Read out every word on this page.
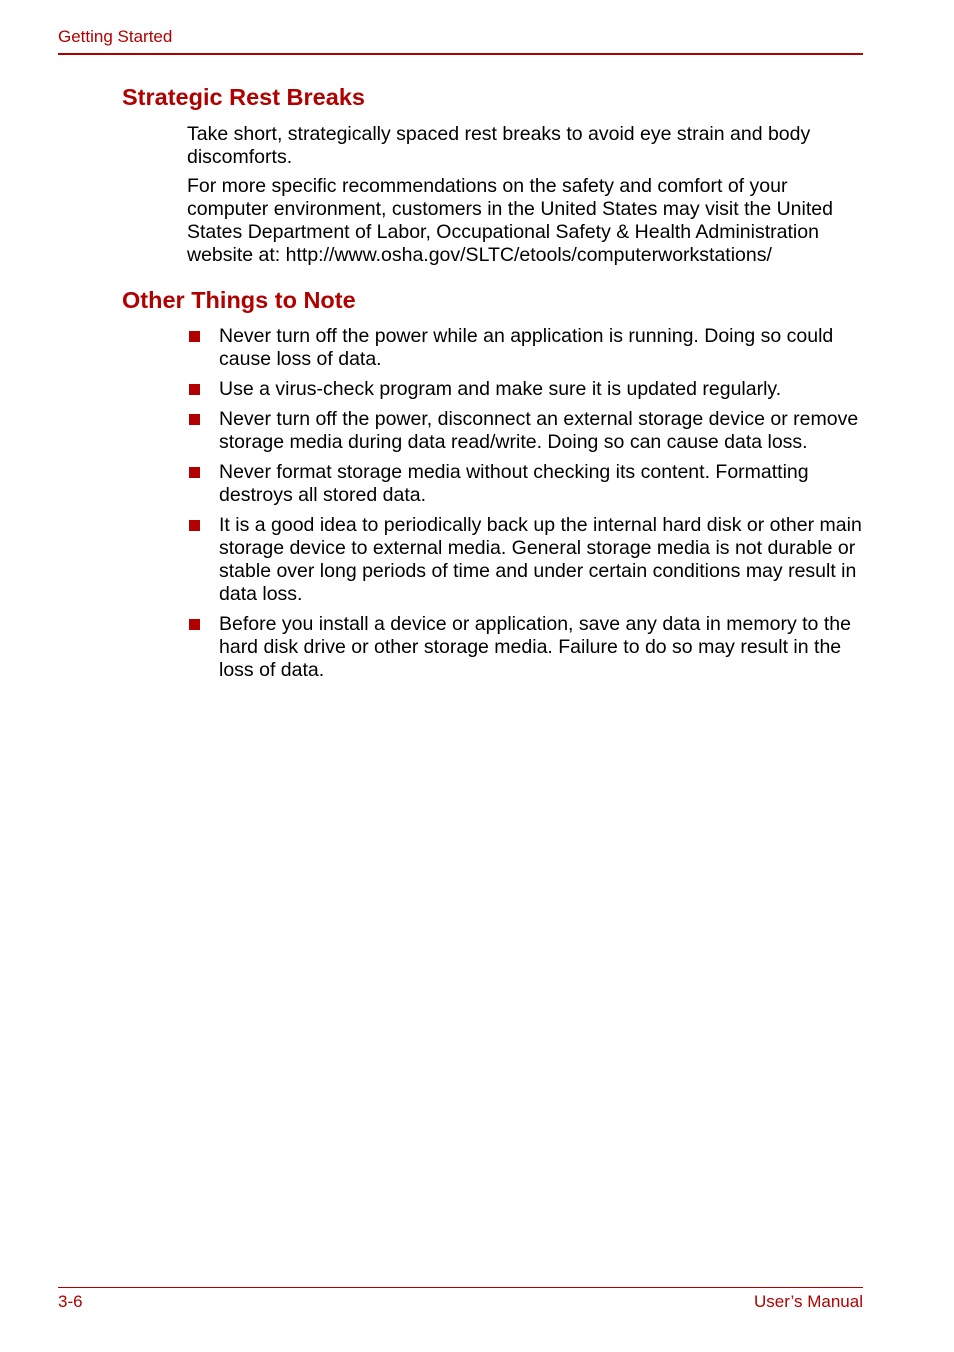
Getting Started
Strategic Rest Breaks

Take short, strategically spaced rest breaks to avoid eye strain and body discomforts.

For more specific recommendations on the safety and comfort of your computer environment, customers in the United States may visit the United States Department of Labor, Occupational Safety & Health Administration website at: http://www.osha.gov/SLTC/etools/computerworkstations/

Other Things to Note
Never turn off the power while an application is running. Doing so could cause loss of data.
Use a virus-check program and make sure it is updated regularly.
Never turn off the power, disconnect an external storage device or remove storage media during data read/write. Doing so can cause data loss.
Never format storage media without checking its content. Formatting destroys all stored data.
It is a good idea to periodically back up the internal hard disk or other main storage device to external media. General storage media is not durable or stable over long periods of time and under certain conditions may result in data loss.
Before you install a device or application, save any data in memory to the hard disk drive or other storage media. Failure to do so may result in the loss of data.
3-6	User’s Manual
